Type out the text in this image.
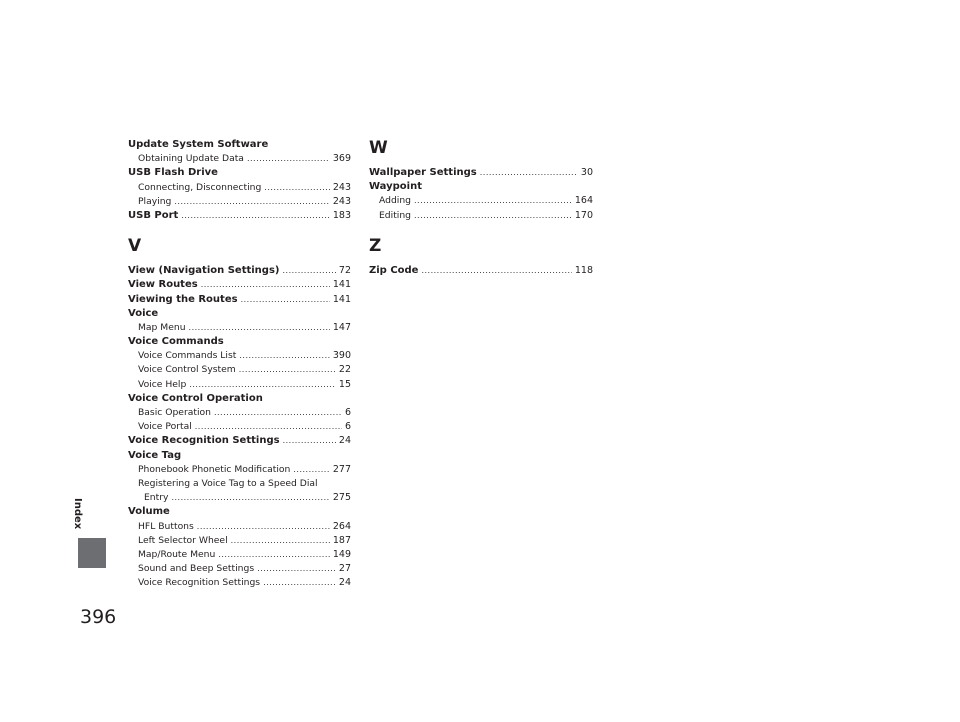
Update System Software
Obtaining Update Data .....	369
USB Flash Drive
Connecting, Disconnecting .....	243
Playing .....	243
USB Port .....	183
V
View (Navigation Settings) .....	72
View Routes .....	141
Viewing the Routes .....	141
Voice
Map Menu .....	147
Voice Commands
Voice Commands List .....	390
Voice Control System .....	22
Voice Help .....	15
Voice Control Operation
Basic Operation .....	6
Voice Portal .....	6
Voice Recognition Settings .....	24
Voice Tag
Phonebook Phonetic Modification .....	277
Registering a Voice Tag to a Speed Dial
Entry .....	275
Volume
HFL Buttons .....	264
Left Selector Wheel .....	187
Map/Route Menu .....	149
Sound and Beep Settings .....	27
Voice Recognition Settings .....	24
W
Wallpaper Settings .....	30
Waypoint
Adding .....	164
Editing .....	170
Z
Zip Code .....	118
Index
396
